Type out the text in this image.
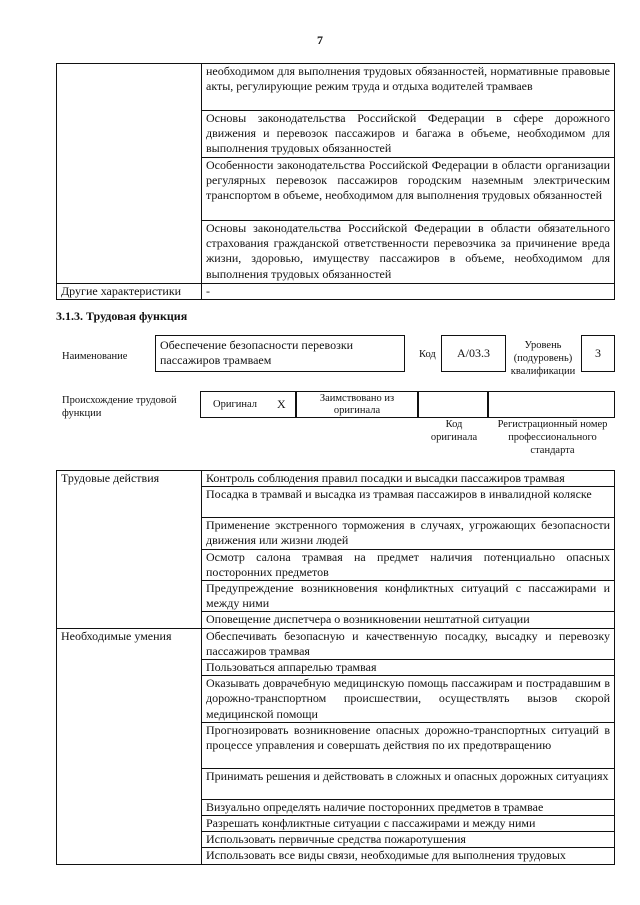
7
	необходимом для выполнения трудовых обязанностей, нормативные правовые акты, регулирующие режим труда и отдыха водителей трамваев
	Основы законодательства Российской Федерации в сфере дорожного движения и перевозок пассажиров и багажа в объеме, необходимом для выполнения трудовых обязанностей
	Особенности законодательства Российской Федерации в области организации регулярных перевозок пассажиров городским наземным электрическим транспортом в объеме, необходимом для выполнения трудовых обязанностей
	Основы законодательства Российской Федерации в области обязательного страхования гражданской ответственности перевозчика за причинение вреда жизни, здоровью, имуществу пассажиров в объеме, необходимом для выполнения трудовых обязанностей
Другие характеристики	-
3.1.3. Трудовая функция
Наименование
Обеспечение безопасности перевозки пассажиров трамваем	Код	A/03.3
Уровень (подуровень) квалификации
3
Происхождение трудовой функции
Оригинал X	Заимствовано из оригинала
Код оригинала
Регистрационный номер профессионального стандарта
Трудовые действия	Контроль соблюдения правил посадки и высадки пассажиров трамвая
	Посадка в трамвай и высадка из трамвая пассажиров в инвалидной коляске
	Применение экстренного торможения в случаях, угрожающих безопасности движения или жизни людей
	Осмотр салона трамвая на предмет наличия потенциально опасных посторонних предметов
	Предупреждение возникновения конфликтных ситуаций с пассажирами и между ними
	Оповещение диспетчера о возникновении нештатной ситуации
Необходимые умения	Обеспечивать безопасную и качественную посадку, высадку и перевозку пассажиров трамвая
	Пользоваться аппарелью трамвая
	Оказывать доврачебную медицинскую помощь пассажирам и пострадавшим в дорожно-транспортном происшествии, осуществлять вызов скорой медицинской помощи
	Прогнозировать возникновение опасных дорожно-транспортных ситуаций в процессе управления и совершать действия по их предотвращению
	Принимать решения и действовать в сложных и опасных дорожных ситуациях
	Визуально определять наличие посторонних предметов в трамвае
	Разрешать конфликтные ситуации с пассажирами и между ними
	Использовать первичные средства пожаротушения
	Использовать все виды связи, необходимые для выполнения трудовых
